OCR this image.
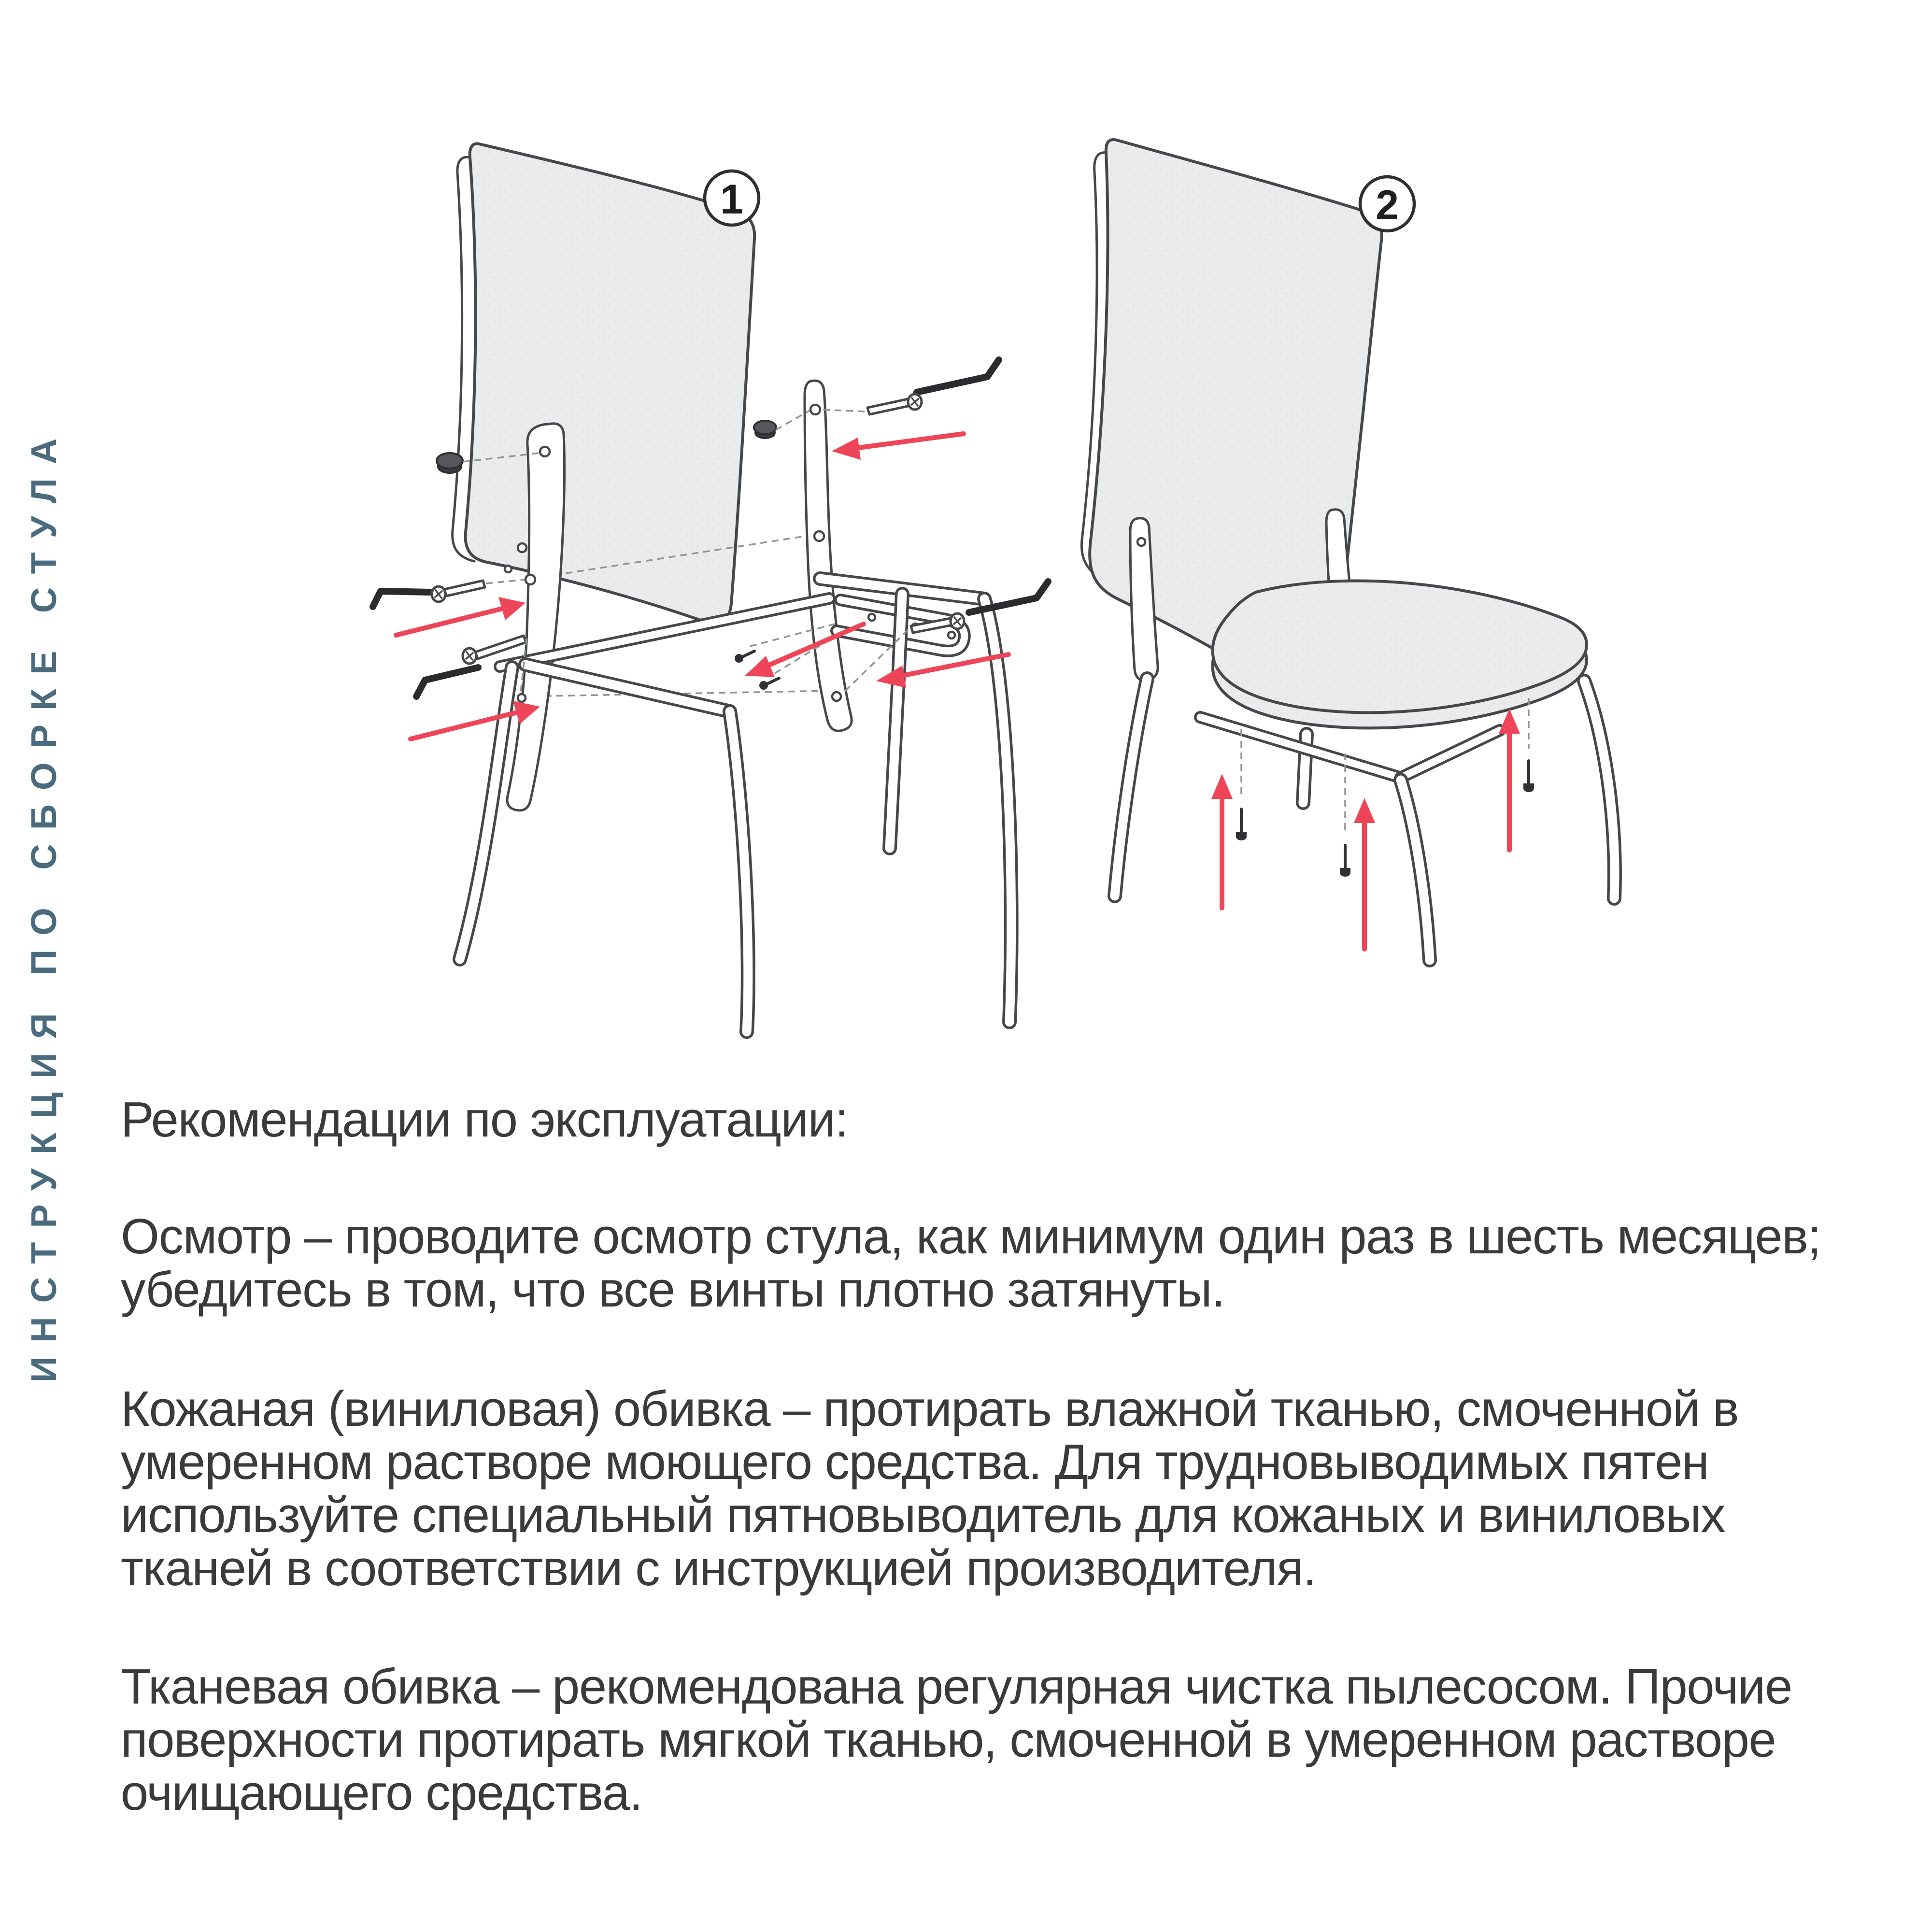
ИНСТРУКЦИЯ ПО СБОРКЕ СТУЛА
1	2
Рекомендации по эксплуатации:
Осмотр – проводите осмотр стула, как минимум один раз в шесть месяцев;
убедитесь в том, что все винты плотно затянуты.
Кожаная (виниловая) обивка – протирать влажной тканью, смоченной в
умеренном растворе моющего средства. Для трудновыводимых пятен
используйте специальный пятновыводитель для кожаных и виниловых
тканей в соответствии с инструкцией производителя.
Тканевая обивка – рекомендована регулярная чистка пылесосом. Прочие
поверхности протирать мягкой тканью, смоченной в умеренном растворе
очищающего средства.
